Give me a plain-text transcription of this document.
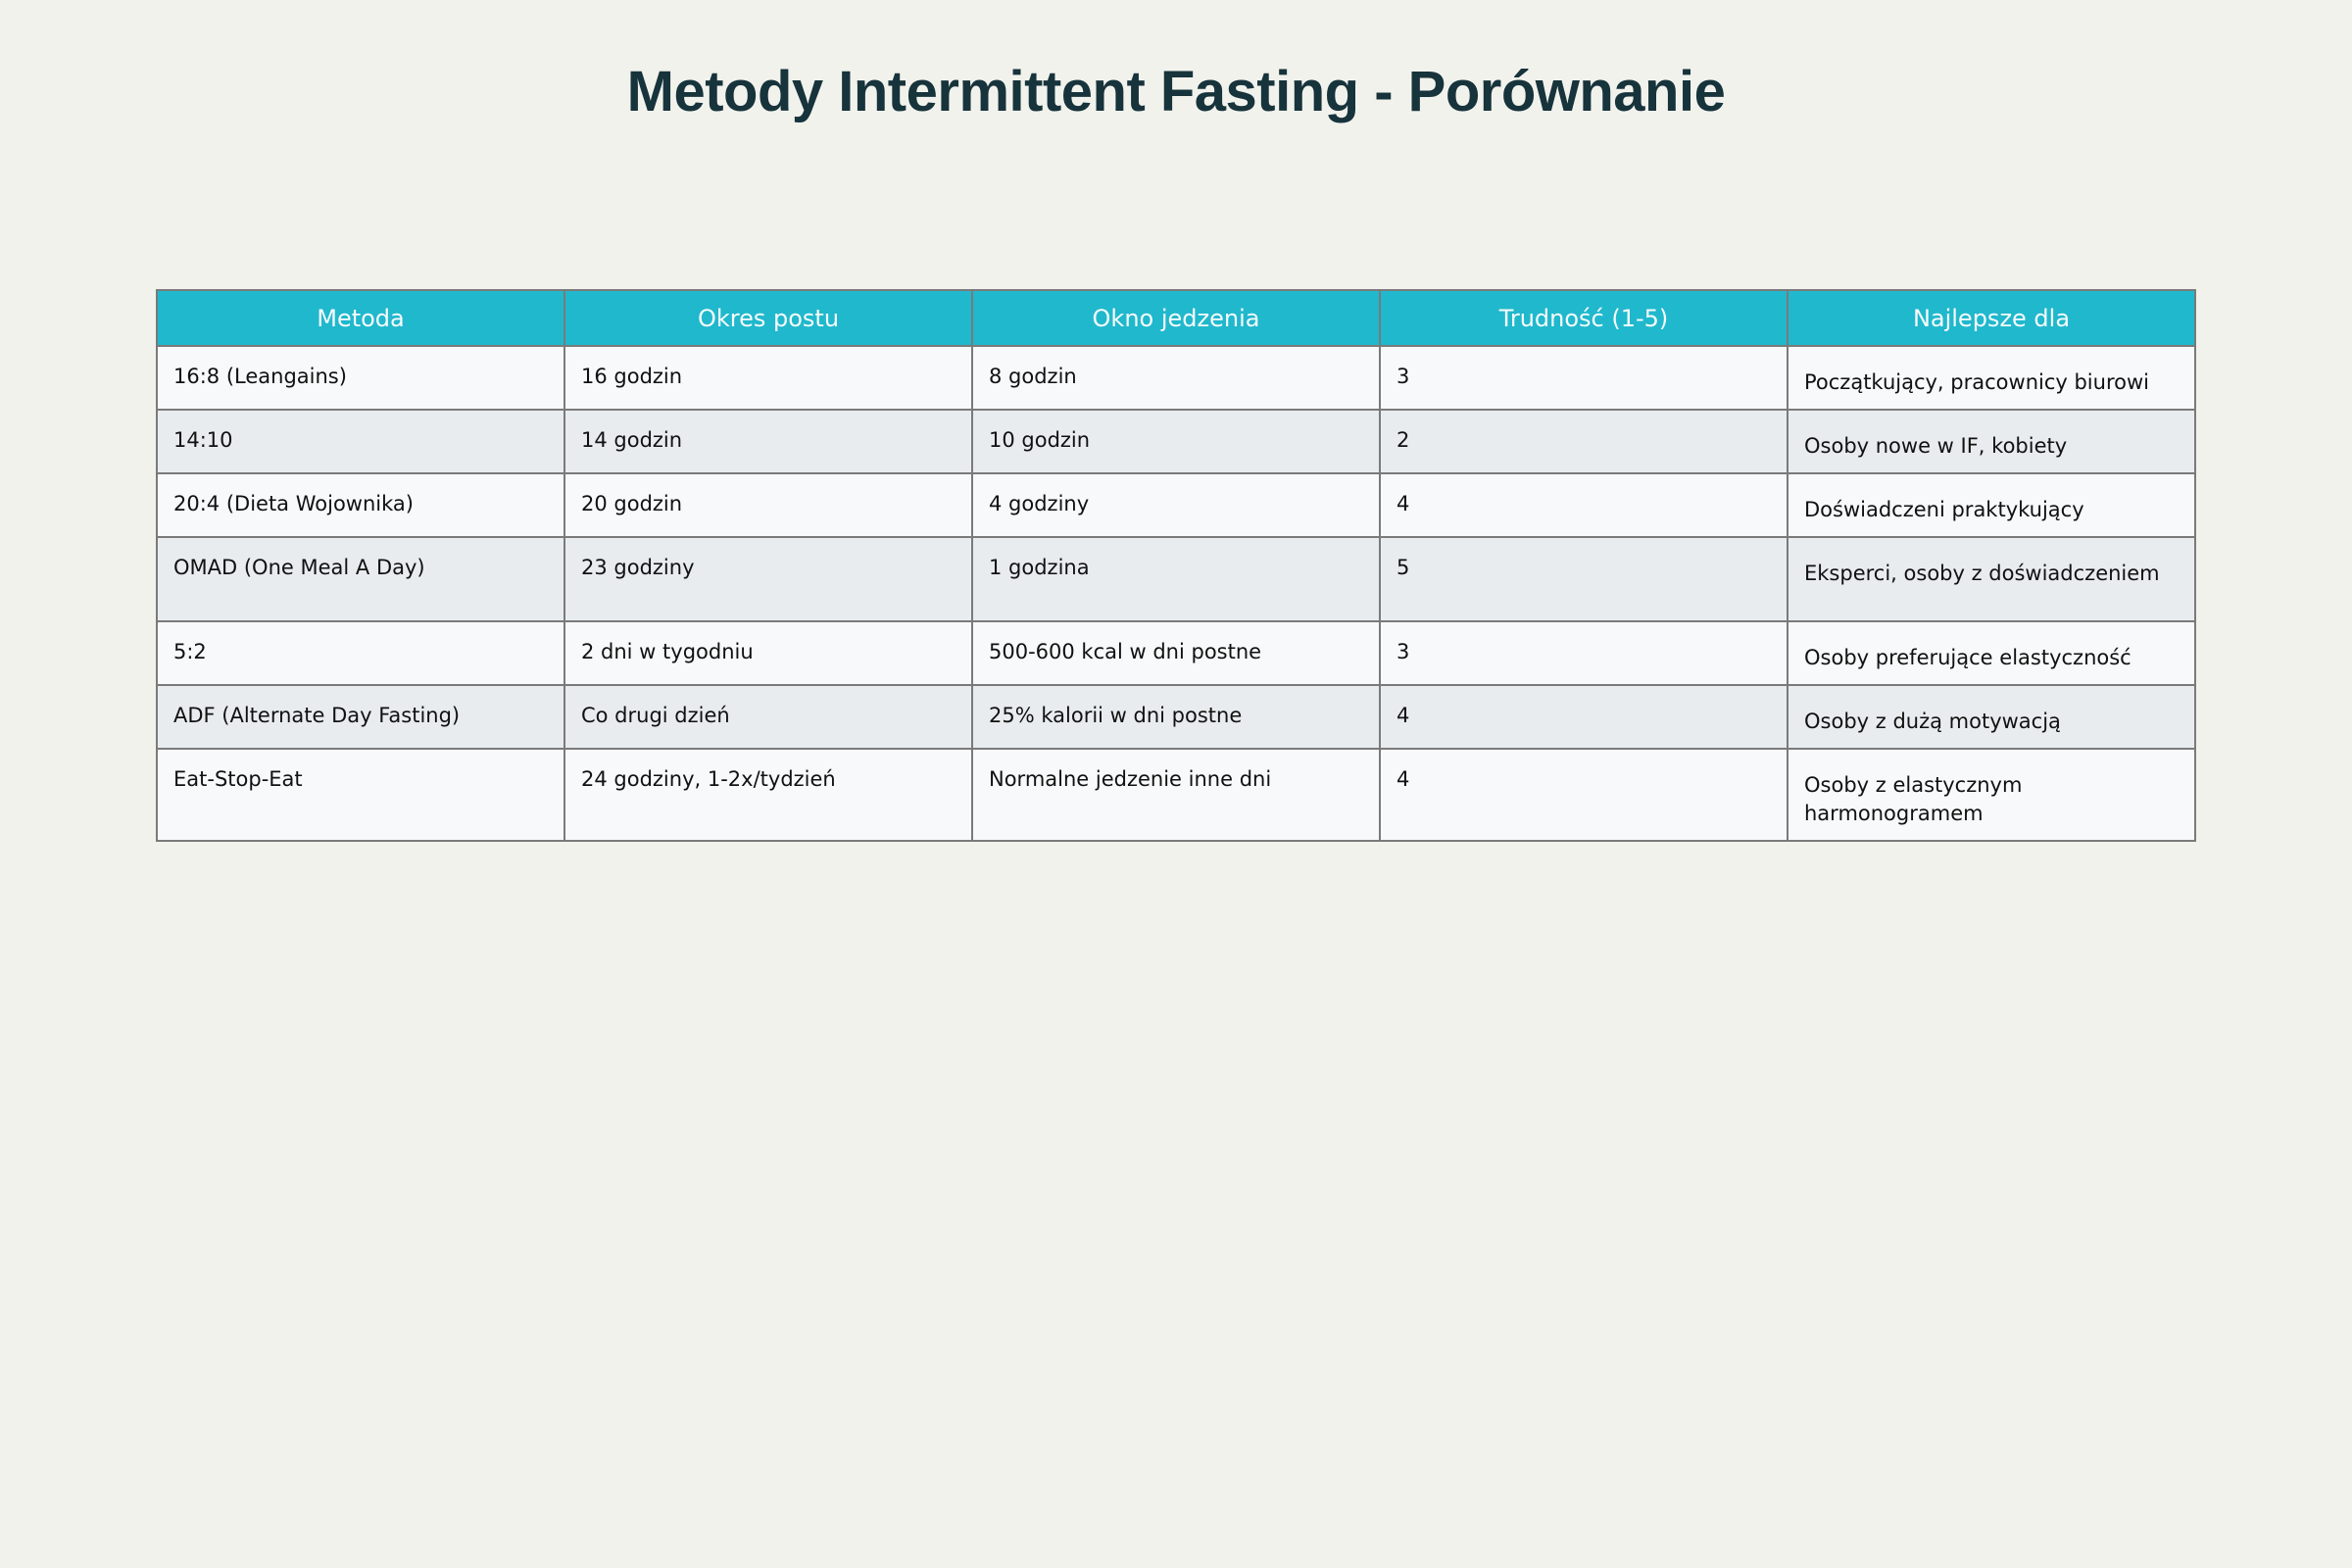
Metody Intermittent Fasting - Porównanie
Metoda	Okres postu	Okno jedzenia	Trudność (1-5)	Najlepsze dla
16:8 (Leangains)	16 godzin	8 godzin	3	Początkujący, pracownicy biurowi
14:10	14 godzin	10 godzin	2	Osoby nowe w IF, kobiety
20:4 (Dieta Wojownika)	20 godzin	4 godziny	4	Doświadczeni praktykujący
OMAD (One Meal A Day)	23 godziny	1 godzina	5	Eksperci, osoby z doświadczeniem
5:2	2 dni w tygodniu	500-600 kcal w dni postne	3	Osoby preferujące elastyczność
ADF (Alternate Day Fasting)	Co drugi dzień	25% kalorii w dni postne	4	Osoby z dużą motywacją
Eat-Stop-Eat	24 godziny, 1-2x/tydzień	Normalne jedzenie inne dni	4	Osoby z elastycznym harmonogramem
